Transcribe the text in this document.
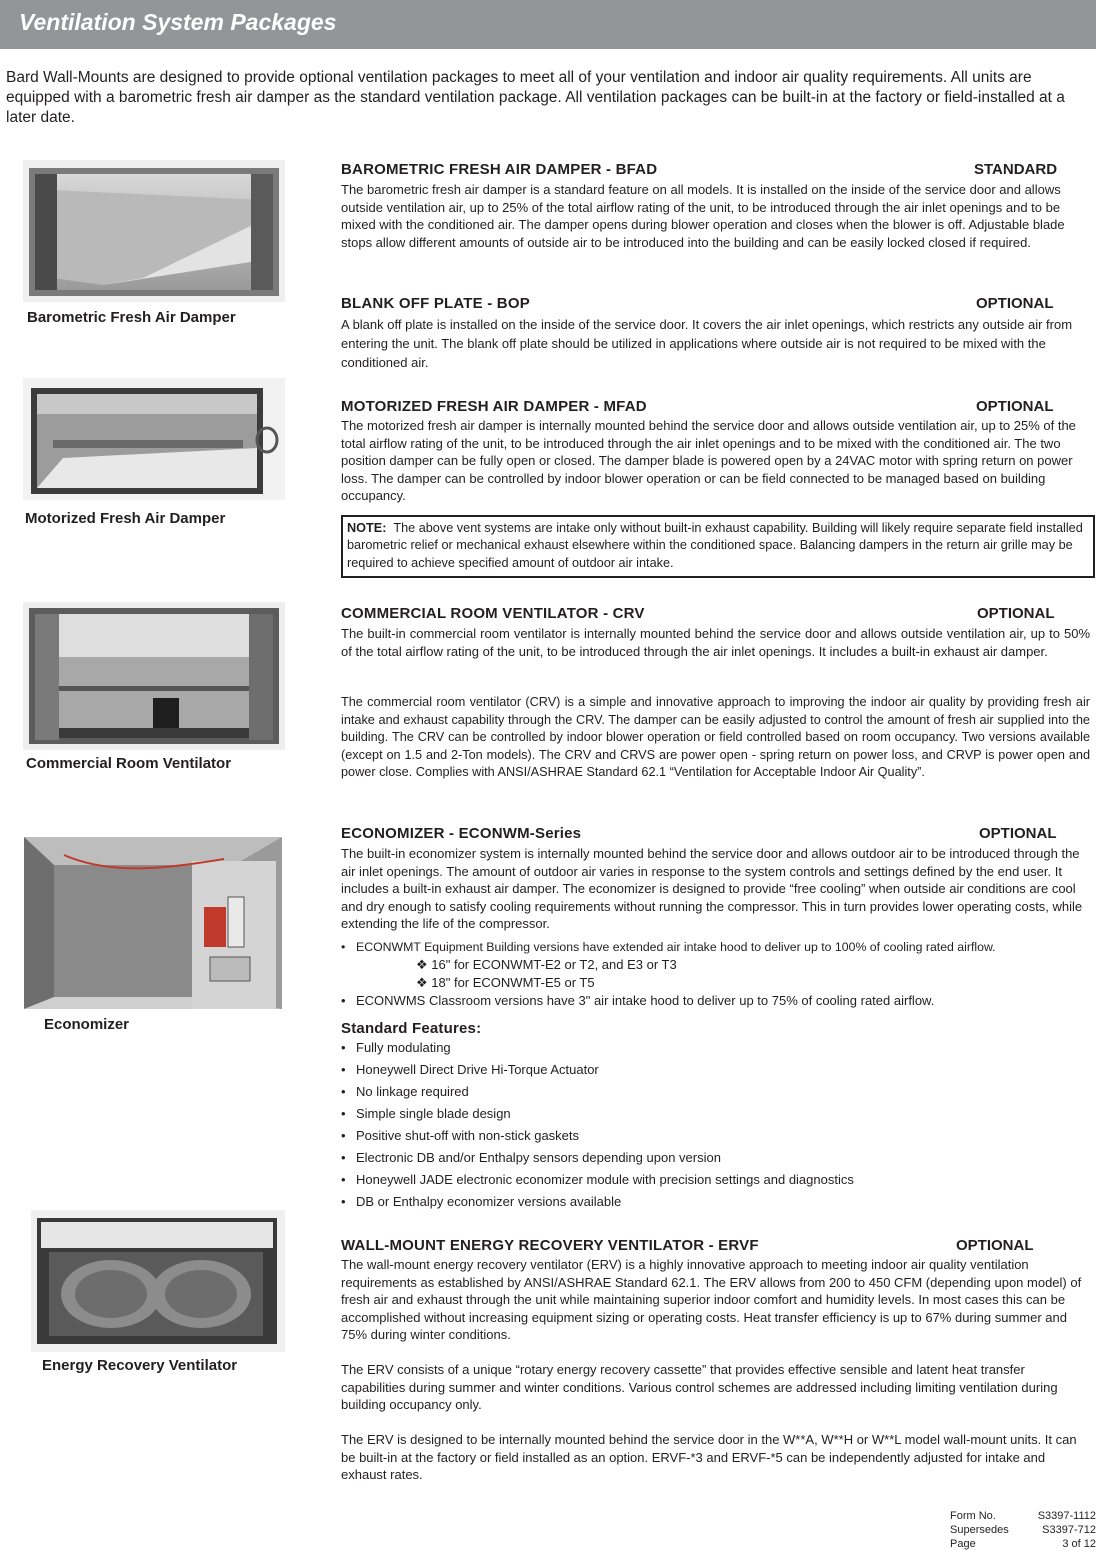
Ventilation System Packages
Bard Wall-Mounts are designed to provide optional ventilation packages to meet all of your ventilation and indoor air quality requirements. All units are equipped with a barometric fresh air damper as the standard ventilation package. All ventilation packages can be built-in at the factory or field-installed at a later date.
Barometric Fresh Air Damper
BAROMETRIC FRESH AIR DAMPER - BFAD	STANDARD
The barometric fresh air damper is a standard feature on all models. It is installed on the inside of the service door and allows outside ventilation air, up to 25% of the total airflow rating of the unit, to be introduced through the air inlet openings and to be mixed with the conditioned air. The damper opens during blower operation and closes when the blower is off. Adjustable blade stops allow different amounts of outside air to be introduced into the building and can be easily locked closed if required.
BLANK OFF PLATE - BOP	OPTIONAL
A blank off plate is installed on the inside of the service door. It covers the air inlet openings, which restricts any outside air from entering the unit. The blank off plate should be utilized in applications where outside air is not required to be mixed with the conditioned air.
Motorized Fresh Air Damper
MOTORIZED FRESH AIR DAMPER - MFAD	OPTIONAL
The motorized fresh air damper is internally mounted behind the service door and allows outside ventilation air, up to 25% of the total airflow rating of the unit, to be introduced through the air inlet openings and to be mixed with the conditioned air. The two position damper can be fully open or closed. The damper blade is powered open by a 24VAC motor with spring return on power loss. The damper can be controlled by indoor blower operation or can be field connected to be managed based on building occupancy.
NOTE: The above vent systems are intake only without built-in exhaust capability. Building will likely require separate field installed barometric relief or mechanical exhaust elsewhere within the conditioned space. Balancing dampers in the return air grille may be required to achieve specified amount of outdoor air intake.
Commercial Room Ventilator
COMMERCIAL ROOM VENTILATOR - CRV	OPTIONAL
The built-in commercial room ventilator is internally mounted behind the service door and allows outside ventilation air, up to 50% of the total airflow rating of the unit, to be introduced through the air inlet openings. It includes a built-in exhaust air damper.
The commercial room ventilator (CRV) is a simple and innovative approach to improving the indoor air quality by providing fresh air intake and exhaust capability through the CRV. The damper can be easily adjusted to control the amount of fresh air supplied into the building. The CRV can be controlled by indoor blower operation or field controlled based on room occupancy. Two versions available (except on 1.5 and 2-Ton models). The CRV and CRVS are power open - spring return on power loss, and CRVP is power open and power close. Complies with ANSI/ASHRAE Standard 62.1 “Ventilation for Acceptable Indoor Air Quality”.
Economizer
ECONOMIZER - ECONWM-Series	OPTIONAL
The built-in economizer system is internally mounted behind the service door and allows outdoor air to be introduced through the air inlet openings. The amount of outdoor air varies in response to the system controls and settings defined by the end user. It includes a built-in exhaust air damper. The economizer is designed to provide “free cooling” when outside air conditions are cool and dry enough to satisfy cooling requirements without running the compressor. This in turn provides lower operating costs, while extending the life of the compressor.
• ECONWMT Equipment Building versions have extended air intake hood to deliver up to 100% of cooling rated airflow.
❖ 16" for ECONWMT-E2 or T2, and E3 or T3
❖ 18" for ECONWMT-E5 or T5
• ECONWMS Classroom versions have 3" air intake hood to deliver up to 75% of cooling rated airflow.
Standard Features:
• Fully modulating
• Honeywell Direct Drive Hi-Torque Actuator
• No linkage required
• Simple single blade design
• Positive shut-off with non-stick gaskets
• Electronic DB and/or Enthalpy sensors depending upon version
• Honeywell JADE electronic economizer module with precision settings and diagnostics
• DB or Enthalpy economizer versions available
Energy Recovery Ventilator
WALL-MOUNT ENERGY RECOVERY VENTILATOR - ERVF	OPTIONAL
The wall-mount energy recovery ventilator (ERV) is a highly innovative approach to meeting indoor air quality ventilation requirements as established by ANSI/ASHRAE Standard 62.1. The ERV allows from 200 to 450 CFM (depending upon model) of fresh air and exhaust through the unit while maintaining superior indoor comfort and humidity levels. In most cases this can be accomplished without increasing equipment sizing or operating costs. Heat transfer efficiency is up to 67% during summer and 75% during winter conditions.
The ERV consists of a unique “rotary energy recovery cassette” that provides effective sensible and latent heat transfer capabilities during summer and winter conditions. Various control schemes are addressed including limiting ventilation during building occupancy only.
The ERV is designed to be internally mounted behind the service door in the W**A, W**H or W**L model wall-mount units. It can be built-in at the factory or field installed as an option. ERVF-*3 and ERVF-*5 can be independently adjusted for intake and exhaust rates.
Form No.	S3397-1112
Supersedes	S3397-712
Page	3 of 12
